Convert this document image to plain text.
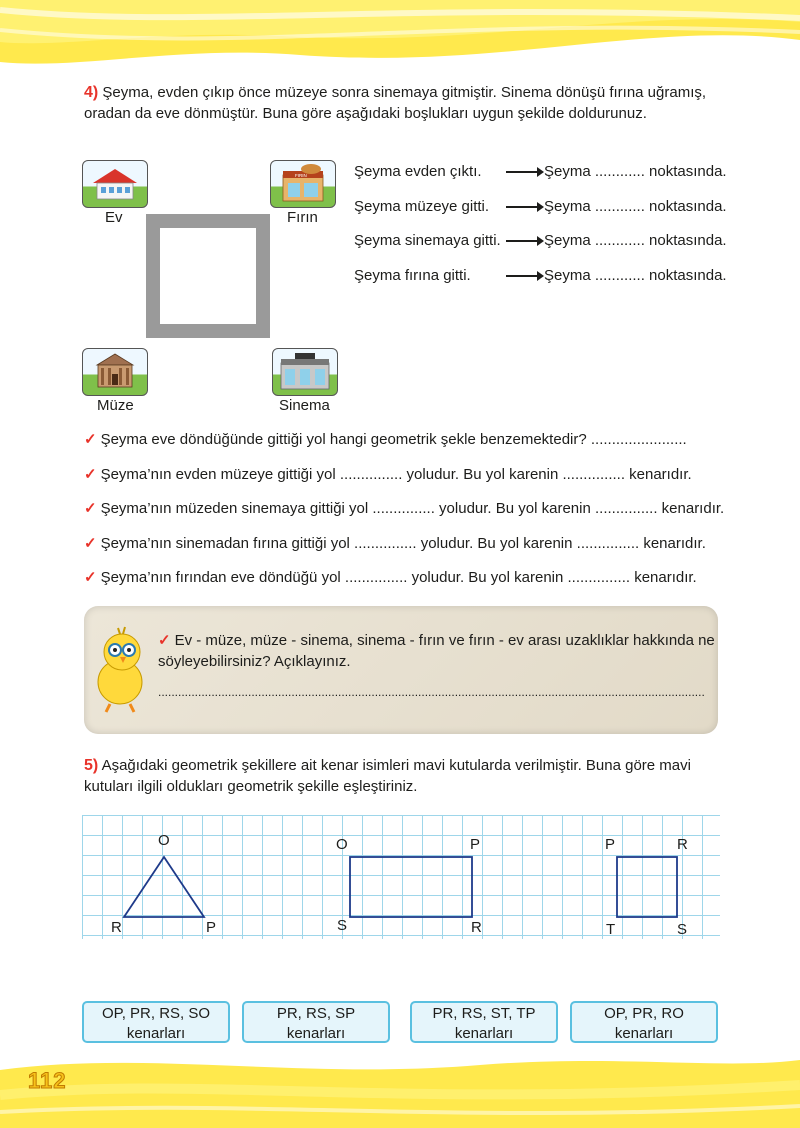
4) Şeyma, evden çıkıp önce müzeye sonra sinemaya gitmiştir. Sinema dönüşü fırına uğramış, oradan da eve dönmüştür. Buna göre aşağıdaki boşlukları uygun şekilde doldurunuz.
Ev
FIRIN
Fırın
Müze	Sinema
Şeyma evden çıktı.	Şeyma ............ noktasında.
Şeyma müzeye gitti.	Şeyma ............ noktasında.
Şeyma sinemaya gitti.	Şeyma ............ noktasında.
Şeyma fırına gitti.	Şeyma ............ noktasında.
✓ Şeyma eve döndüğünde gittiği yol hangi geometrik şekle benzemektedir? .......................
✓ Şeyma’nın evden müzeye gittiği yol ............... yoludur. Bu yol karenin ............... kenarıdır.
✓ Şeyma’nın müzeden sinemaya gittiği yol ............... yoludur. Bu yol karenin ............... kenarıdır.
✓ Şeyma’nın sinemadan fırına gittiği yol ............... yoludur. Bu yol karenin ............... kenarıdır.
✓ Şeyma’nın fırından eve döndüğü yol ............... yoludur. Bu yol karenin ............... kenarıdır.
✓ Ev - müze, müze - sinema, sinema - fırın ve fırın - ev arası uzaklıklar hakkında ne söyleyebilirsiniz? Açıklayınız.
....................................................................................................................................................................
5) Aşağıdaki geometrik şekillere ait kenar isimleri mavi kutularda verilmiştir. Buna göre mavi kutuları ilgili oldukları geometrik şekille eşleştiriniz.
O
R	P
O	P
S	R
P	R
T	S
OP, PR, RS, SO
kenarları
PR, RS, SP
kenarları
PR, RS, ST, TP
kenarları
OP, PR, RO
kenarları
112
